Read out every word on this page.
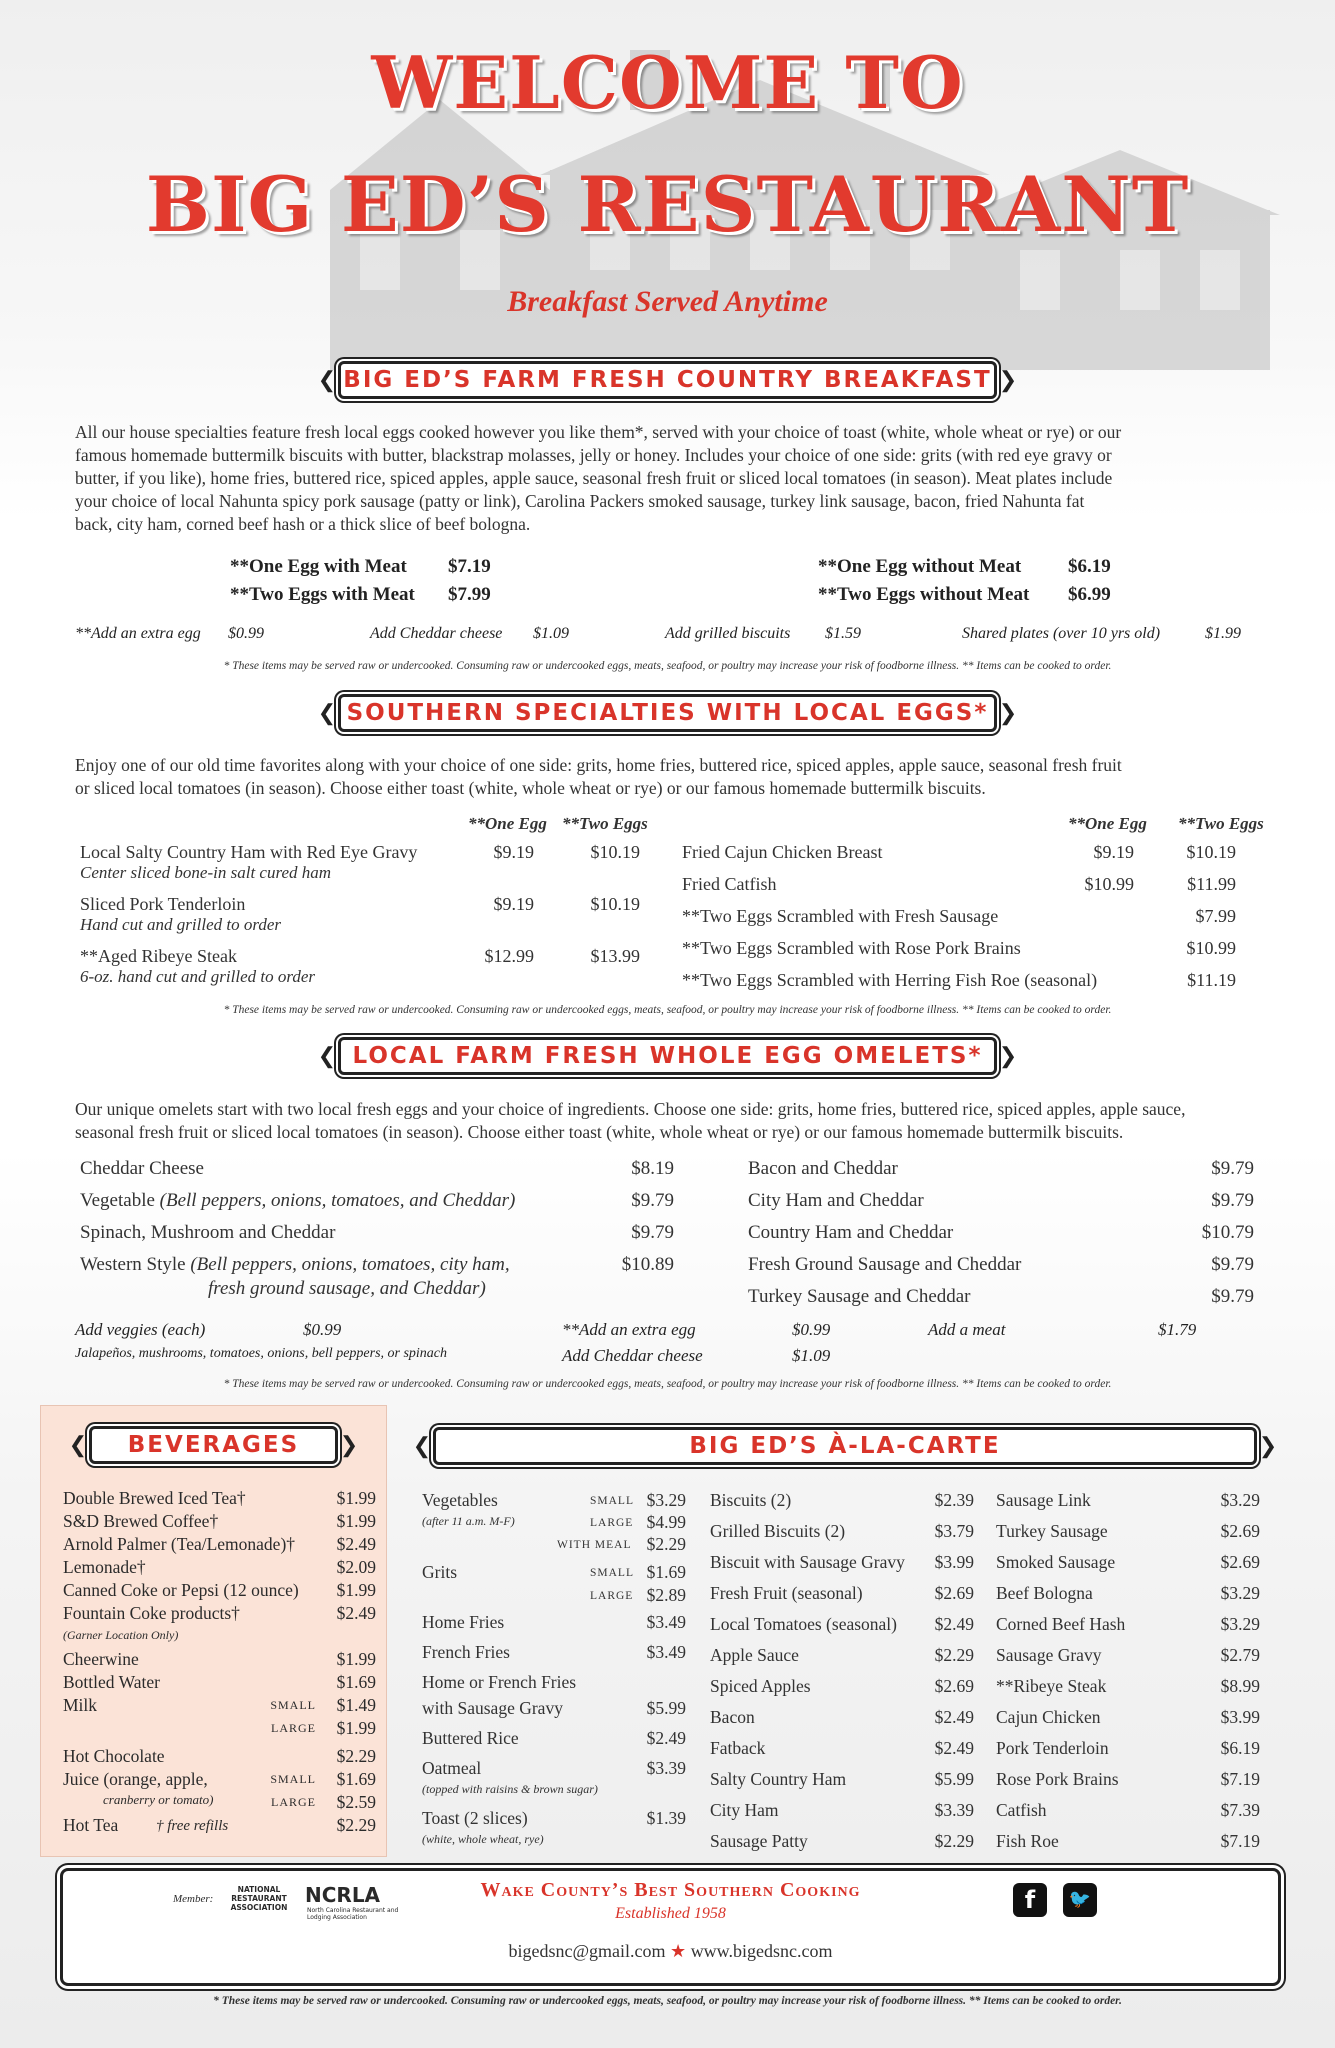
WELCOME TO
BIG ED’S RESTAURANT
Breakfast Served Anytime
❮	❯
BIG ED’S FARM FRESH COUNTRY BREAKFAST
All our house specialties feature fresh local eggs cooked however you like them*, served with your choice of toast (white, whole wheat or rye) or our
famous homemade buttermilk biscuits with butter, blackstrap molasses, jelly or honey. Includes your choice of one side: grits (with red eye gravy or
butter, if you like), home fries, buttered rice, spiced apples, apple sauce, seasonal fresh fruit or sliced local tomatoes (in season). Meat plates include
your choice of local Nahunta spicy pork sausage (patty or link), Carolina Packers smoked sausage, turkey link sausage, bacon, fried Nahunta fat
back, city ham, corned beef hash or a thick slice of beef bologna.
**One Egg with Meat $7.19
**Two Eggs with Meat $7.99
**One Egg without Meat $6.19
**Two Eggs without Meat $6.99
**Add an extra egg $0.99	Add Cheddar cheese $1.09	Add grilled biscuits $1.59	Shared plates (over 10 yrs old)	$1.99
* These items may be served raw or undercooked. Consuming raw or undercooked eggs, meats, seafood, or poultry may increase your risk of foodborne illness. ** Items can be cooked to order.
❮	❯
SOUTHERN SPECIALTIES WITH LOCAL EGGS*
Enjoy one of our old time favorites along with your choice of one side: grits, home fries, buttered rice, spiced apples, apple sauce, seasonal fresh fruit
or sliced local tomatoes (in season). Choose either toast (white, whole wheat or rye) or our famous homemade buttermilk biscuits.
**One Egg **Two Eggs	**One Egg **Two Eggs
Local Salty Country Ham with Red Eye Gravy
Center sliced bone-in salt cured ham
$9.19	$10.19
Sliced Pork Tenderloin
Hand cut and grilled to order
$9.19	$10.19
**Aged Ribeye Steak
6-oz. hand cut and grilled to order
$12.99	$13.99
Fried Cajun Chicken Breast	$9.19	$10.19
Fried Catfish	$10.99	$11.99
**Two Eggs Scrambled with Fresh Sausage	$7.99
**Two Eggs Scrambled with Rose Pork Brains	$10.99
**Two Eggs Scrambled with Herring Fish Roe (seasonal)	$11.19
* These items may be served raw or undercooked. Consuming raw or undercooked eggs, meats, seafood, or poultry may increase your risk of foodborne illness. ** Items can be cooked to order.
❮	❯
LOCAL FARM FRESH WHOLE EGG OMELETS*
Our unique omelets start with two local fresh eggs and your choice of ingredients. Choose one side: grits, home fries, buttered rice, spiced apples, apple sauce,
seasonal fresh fruit or sliced local tomatoes (in season). Choose either toast (white, whole wheat or rye) or our famous homemade buttermilk biscuits.
Cheddar Cheese	$8.19
Vegetable (Bell peppers, onions, tomatoes, and Cheddar)	$9.79
Spinach, Mushroom and Cheddar	$9.79
Western Style (Bell peppers, onions, tomatoes, city ham,
fresh ground sausage, and Cheddar)
$10.89
Bacon and Cheddar	$9.79
City Ham and Cheddar	$9.79
Country Ham and Cheddar	$10.79
Fresh Ground Sausage and Cheddar	$9.79
Turkey Sausage and Cheddar	$9.79
Add veggies (each)	$0.99
Jalapeños, mushrooms, tomatoes, onions, bell peppers, or spinach
**Add an extra egg	$0.99
Add Cheddar cheese	$1.09
Add a meat	$1.79
* These items may be served raw or undercooked. Consuming raw or undercooked eggs, meats, seafood, or poultry may increase your risk of foodborne illness. ** Items can be cooked to order.
❮	❯
BEVERAGES
Double Brewed Iced Tea†	$1.99
S&D Brewed Coffee†	$1.99
Arnold Palmer (Tea/Lemonade)† $2.49
Lemonade†	$2.09
Canned Coke or Pepsi (12 ounce) $1.99
Fountain Coke products†	$2.49
(Garner Location Only)
Cheerwine	$1.99
Bottled Water	$1.69
Milk	SMALL $1.49
LARGE $1.99
Hot Chocolate	$2.29
Juice (orange, apple,	SMALL $1.69
cranberry or tomato)	LARGE $2.59
Hot Tea	$2.29
† free refills
❮	❯
BIG ED’S À-LA-CARTE
Vegetables	SMALL $3.29
(after 11 a.m. M-F)	LARGE $4.99
WITH MEAL $2.29
Grits	SMALL $1.69
LARGE $2.89
Home Fries	$3.49
French Fries	$3.49
Home or French Fries
with Sausage Gravy	$5.99
Buttered Rice	$2.49
Oatmeal	$3.39
(topped with raisins & brown sugar)
Toast (2 slices)	$1.39
(white, whole wheat, rye)
Biscuits (2)	$2.39
Grilled Biscuits (2)	$3.79
Biscuit with Sausage Gravy	$3.99
Fresh Fruit (seasonal)	$2.69
Local Tomatoes (seasonal)	$2.49
Apple Sauce	$2.29
Spiced Apples	$2.69
Bacon	$2.49
Fatback	$2.49
Salty Country Ham	$5.99
City Ham	$3.39
Sausage Patty	$2.29
Sausage Link	$3.29
Turkey Sausage	$2.69
Smoked Sausage	$2.69
Beef Bologna	$3.29
Corned Beef Hash	$3.29
Sausage Gravy	$2.79
**Ribeye Steak	$8.99
Cajun Chicken	$3.99
Pork Tenderloin	$6.19
Rose Pork Brains	$7.19
Catfish	$7.39
Fish Roe	$7.19
Member:
NATIONAL RESTAURANT ASSOCIATION
NCRLA
North Carolina Restaurant and Lodging Association
Wake County’s Best Southern Cooking
Established 1958
bigedsnc@gmail.com ★ www.bigedsnc.com
f	🐦
* These items may be served raw or undercooked. Consuming raw or undercooked eggs, meats, seafood, or poultry may increase your risk of foodborne illness. ** Items can be cooked to order.
